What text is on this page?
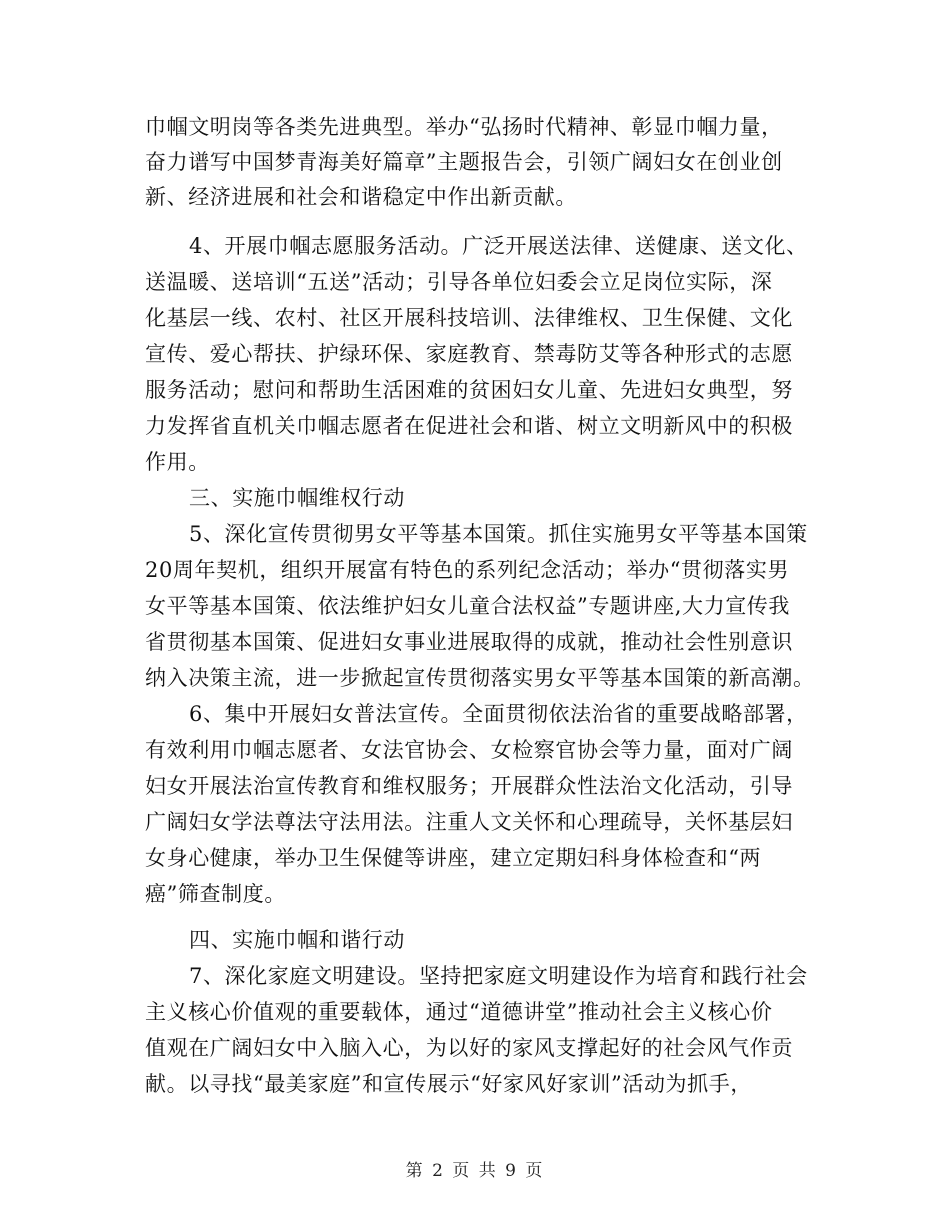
巾帼文明岗等各类先进典型。举办“弘扬时代精神、彰显巾帼力量，
奋力谱写中国梦青海美好篇章”主题报告会，引领广阔妇女在创业创
新、经济进展和社会和谐稳定中作出新贡献。
4、开展巾帼志愿服务活动。广泛开展送法律、送健康、送文化、
送温暖、送培训“五送”活动；引导各单位妇委会立足岗位实际，深
化基层一线、农村、社区开展科技培训、法律维权、卫生保健、文化
宣传、爱心帮扶、护绿环保、家庭教育、禁毒防艾等各种形式的志愿
服务活动；慰问和帮助生活困难的贫困妇女儿童、先进妇女典型，努
力发挥省直机关巾帼志愿者在促进社会和谐、树立文明新风中的积极
作用。
三、实施巾帼维权行动
5、深化宣传贯彻男女平等基本国策。抓住实施男女平等基本国策
20周年契机，组织开展富有特色的系列纪念活动；举办“贯彻落实男
女平等基本国策、依法维护妇女儿童合法权益”专题讲座,大力宣传我
省贯彻基本国策、促进妇女事业进展取得的成就，推动社会性别意识
纳入决策主流，进一步掀起宣传贯彻落实男女平等基本国策的新高潮。
6、集中开展妇女普法宣传。全面贯彻依法治省的重要战略部署，
有效利用巾帼志愿者、女法官协会、女检察官协会等力量，面对广阔
妇女开展法治宣传教育和维权服务；开展群众性法治文化活动，引导
广阔妇女学法尊法守法用法。注重人文关怀和心理疏导，关怀基层妇
女身心健康，举办卫生保健等讲座，建立定期妇科身体检查和“两
癌”筛查制度。
四、实施巾帼和谐行动
7、深化家庭文明建设。坚持把家庭文明建设作为培育和践行社会
主义核心价值观的重要载体，通过“道德讲堂”推动社会主义核心价
值观在广阔妇女中入脑入心，为以好的家风支撑起好的社会风气作贡
献。以寻找“最美家庭”和宣传展示“好家风好家训”活动为抓手，
第 2 页 共 9 页
